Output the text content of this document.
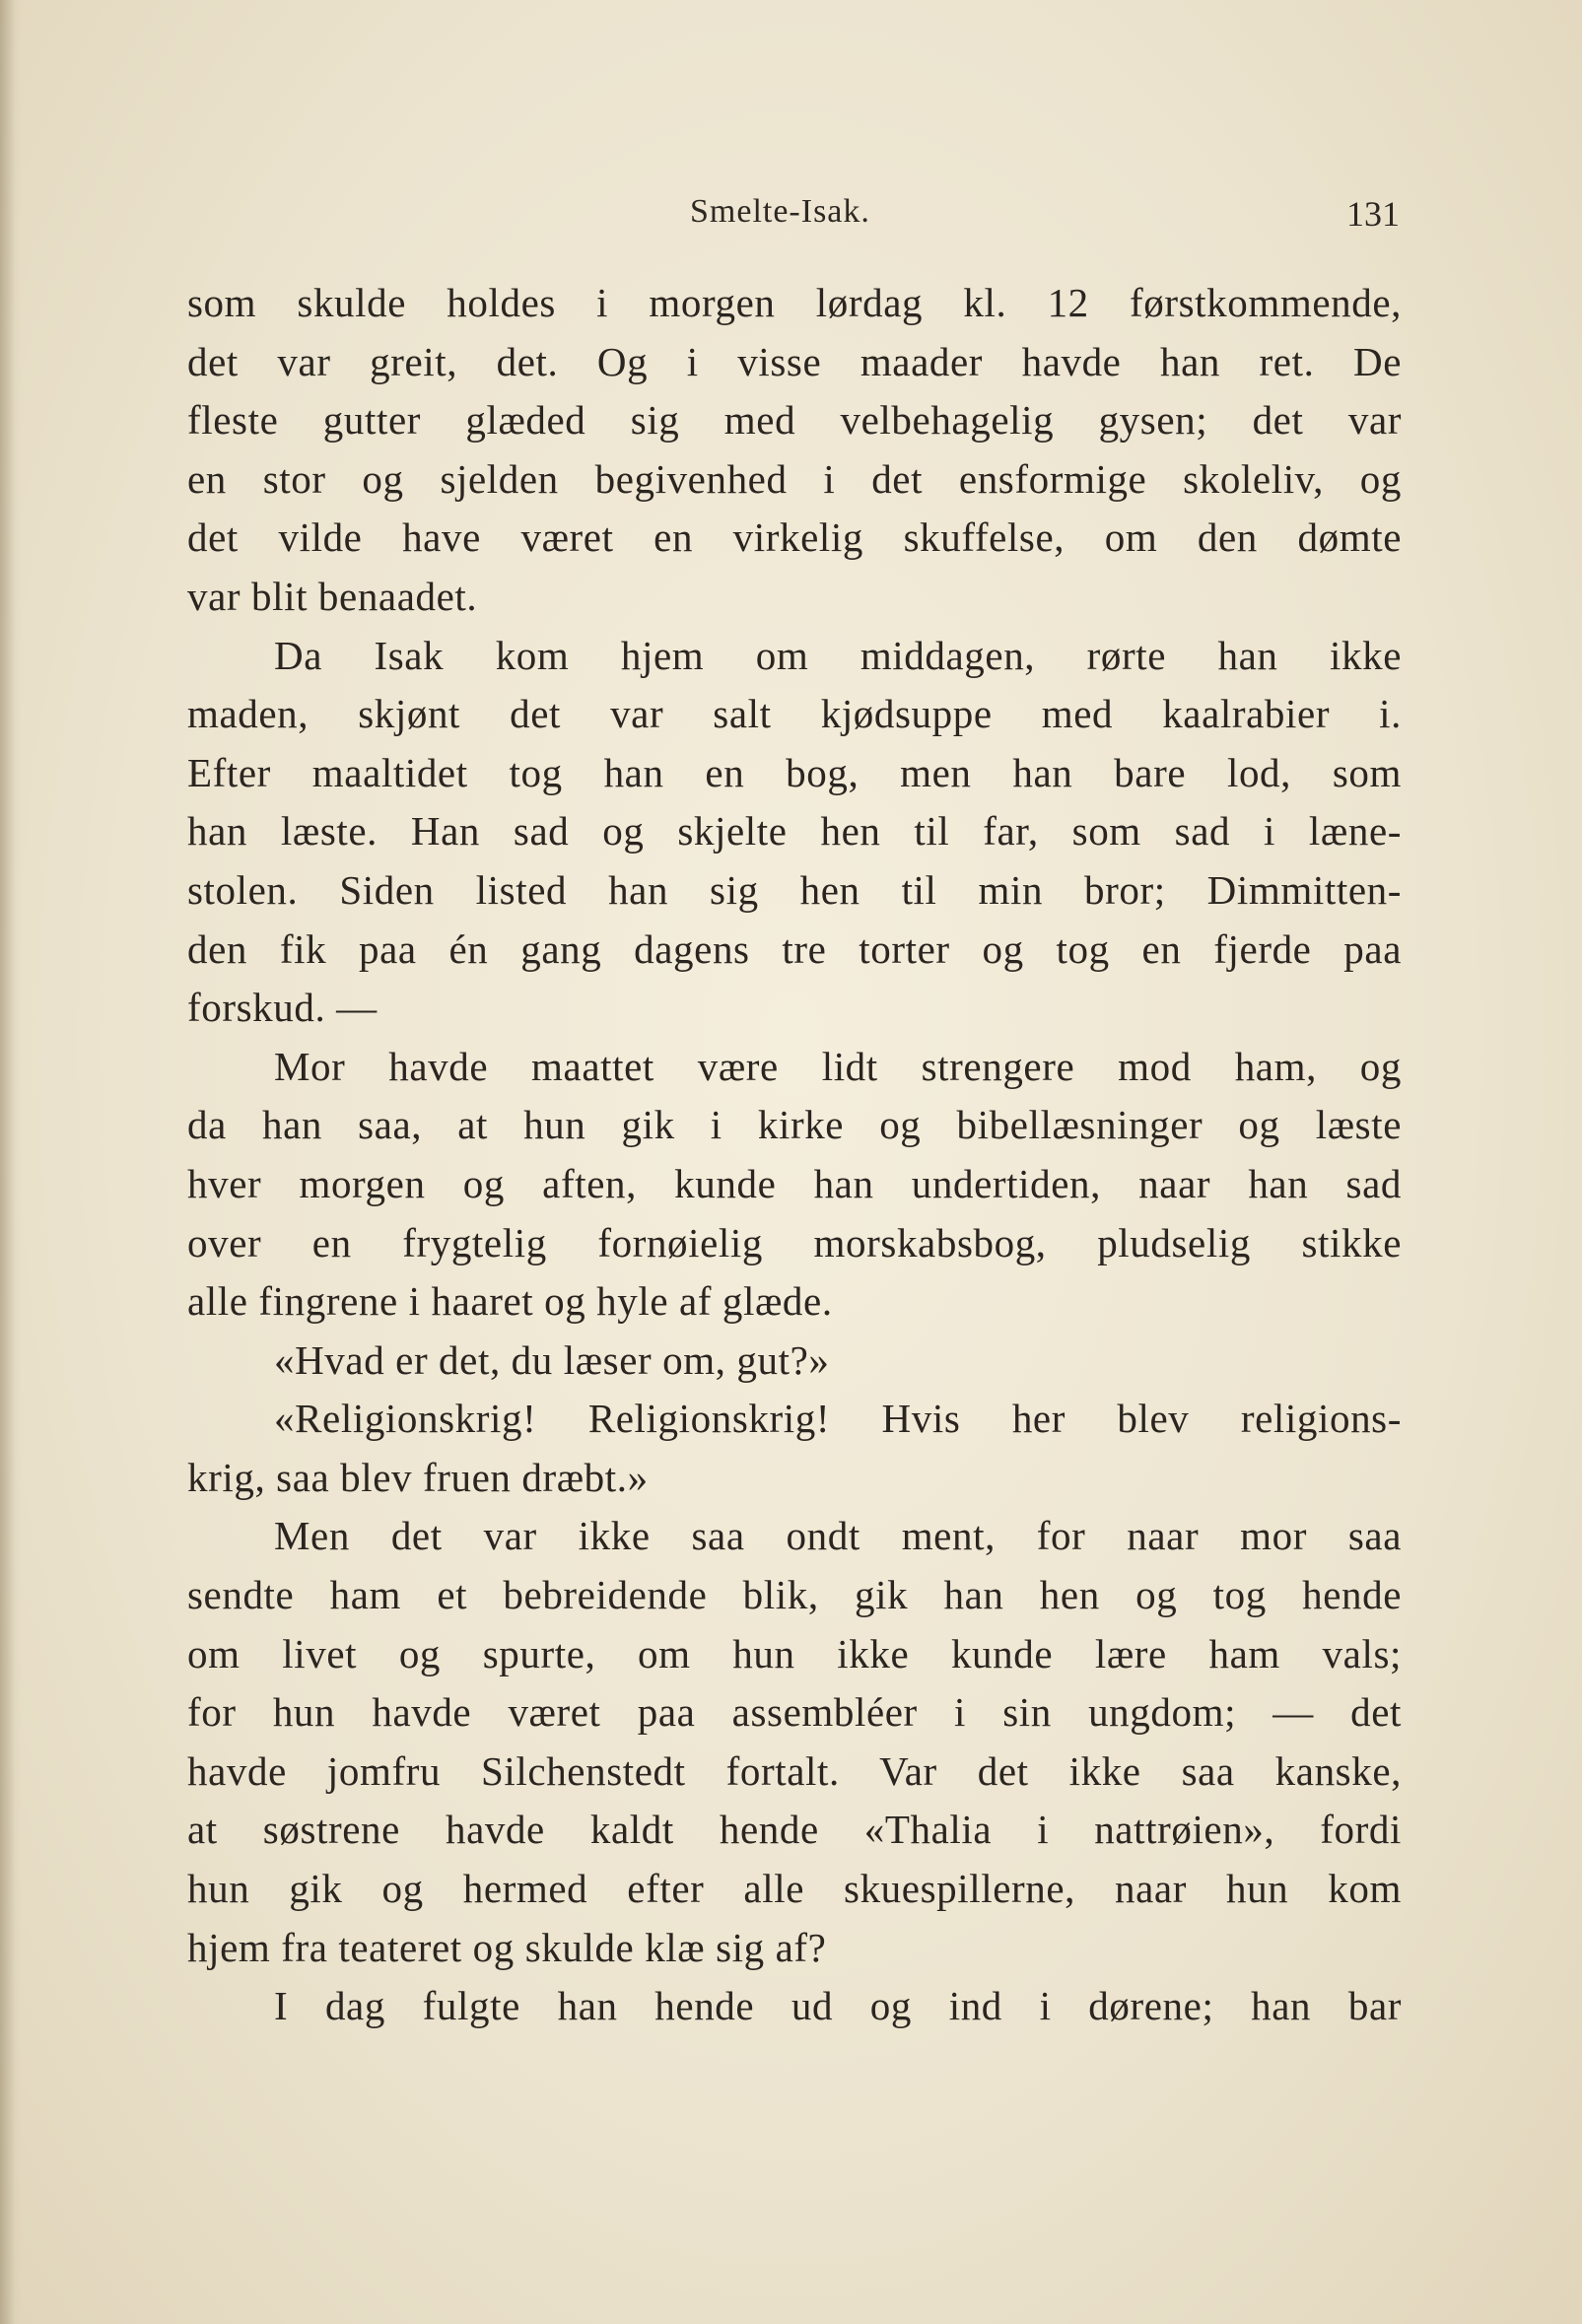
Smelte-Isak.	131
som skulde holdes i morgen lørdag kl. 12 førstkommende,
det var greit, det. Og i visse maader havde han ret. De
fleste gutter glæded sig med velbehagelig gysen; det var
en stor og sjelden begivenhed i det ensformige skoleliv, og
det vilde have været en virkelig skuffelse, om den dømte
var blit benaadet.
Da Isak kom hjem om middagen, rørte han ikke
maden, skjønt det var salt kjødsuppe med kaalrabier i.
Efter maaltidet tog han en bog, men han bare lod, som
han læste. Han sad og skjelte hen til far, som sad i læne-
stolen. Siden listed han sig hen til min bror; Dimmitten-
den fik paa én gang dagens tre torter og tog en fjerde paa
forskud. —
Mor havde maattet være lidt strengere mod ham, og
da han saa, at hun gik i kirke og bibellæsninger og læste
hver morgen og aften, kunde han undertiden, naar han sad
over en frygtelig fornøielig morskabsbog, pludselig stikke
alle fingrene i haaret og hyle af glæde.
«Hvad er det, du læser om, gut?»
«Religionskrig! Religionskrig! Hvis her blev religions-
krig, saa blev fruen dræbt.»
Men det var ikke saa ondt ment, for naar mor saa
sendte ham et bebreidende blik, gik han hen og tog hende
om livet og spurte, om hun ikke kunde lære ham vals;
for hun havde været paa assembléer i sin ungdom; — det
havde jomfru Silchenstedt fortalt. Var det ikke saa kanske,
at søstrene havde kaldt hende «Thalia i nattrøien», fordi
hun gik og hermed efter alle skuespillerne, naar hun kom
hjem fra teateret og skulde klæ sig af?
I dag fulgte han hende ud og ind i dørene; han bar
